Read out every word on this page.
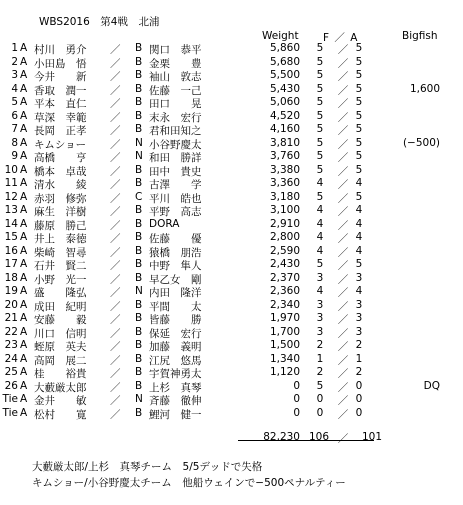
WBS2016　第4戦　北浦
Weight F ／ A	Bigfish
1 A 村川　勇介 ／ B 関口　恭平	5,860 5 ／ 5
2 A 小田島　悟 ／ B 金栗　　豊	5,680 5 ／ 5
3 A 今井　　新 ／ B 袖山　敦志	5,500 5 ／ 5
4 A 香取　潤一 ／ B 佐藤　一己	5,430 5 ／ 5	1,600
5 A 平本　直仁 ／ B 田口　　晃	5,060 5 ／ 5
6 A 草深　幸範 ／ B 末永　宏行	4,520 5 ／ 5
7 A 長岡　正孝 ／ B 君和田知之	4,160 5 ／ 5
8 A キムショー ／ N 小谷野慶太	3,810 5 ／ 5	(−500)
9 A 高橋　　亨 ／ N 和田　勝詳	3,760 5 ／ 5
10 A 橋本　卓哉 ／ B 田中　貴史	3,380 5 ／ 5
11 A 清水　　綾 ／ B 古澤　　学	3,360 4 ／ 4
12 A 赤羽　修弥 ／ C 平川　皓也	3,180 5 ／ 5
13 A 麻生　洋樹 ／ B 平野　高志	3,100 4 ／ 4
14 A 藤原　勝己 ／ B DORA	2,910 4 ／ 4
15 A 井上　泰徳 ／ B 佐藤　　優	2,800 4 ／ 4
16 A 柴崎　智尋 ／ B 猿橋　朋浩	2,590 4 ／ 4
17 A 石井　賢二 ／ B 中野　隼人	2,430 5 ／ 5
18 A 小野　光一 ／ B 早乙女　剛	2,370 3 ／ 3
19 A 盛　　隆弘 ／ N 内田　隆洋	2,360 4 ／ 4
20 A 成田　紀明 ／ B 平間　　太	2,340 3 ／ 3
21 A 安藤　　毅 ／ B 皆藤　　勝	1,970 3 ／ 3
22 A 川口　信明 ／ B 保延　宏行	1,700 3 ／ 3
23 A 蛭原　英夫 ／ B 加藤　義明	1,500 2 ／ 2
24 A 高岡　展二 ／ B 江尻　悠馬	1,340 1 ／ 1
25 A 桂　　裕貴 ／ B 宇賀神勇太	1,120 2 ／ 2
26 A 大藪厳太郎 ／ B 上杉　真琴	0 5 ／ 0	DQ
Tie A 金井　　敏 ／ N 斉藤　徹伸	0 0 ／ 0
Tie A 松村　　寛 ／ B 鯉河　健一	0 0 ／ 0
82,230 106 ／ 101
大藪厳太郎/上杉　真琴チーム　5/5デッドで失格
キムショー/小谷野慶太チーム　他船ウェインで−500ペナルティー
